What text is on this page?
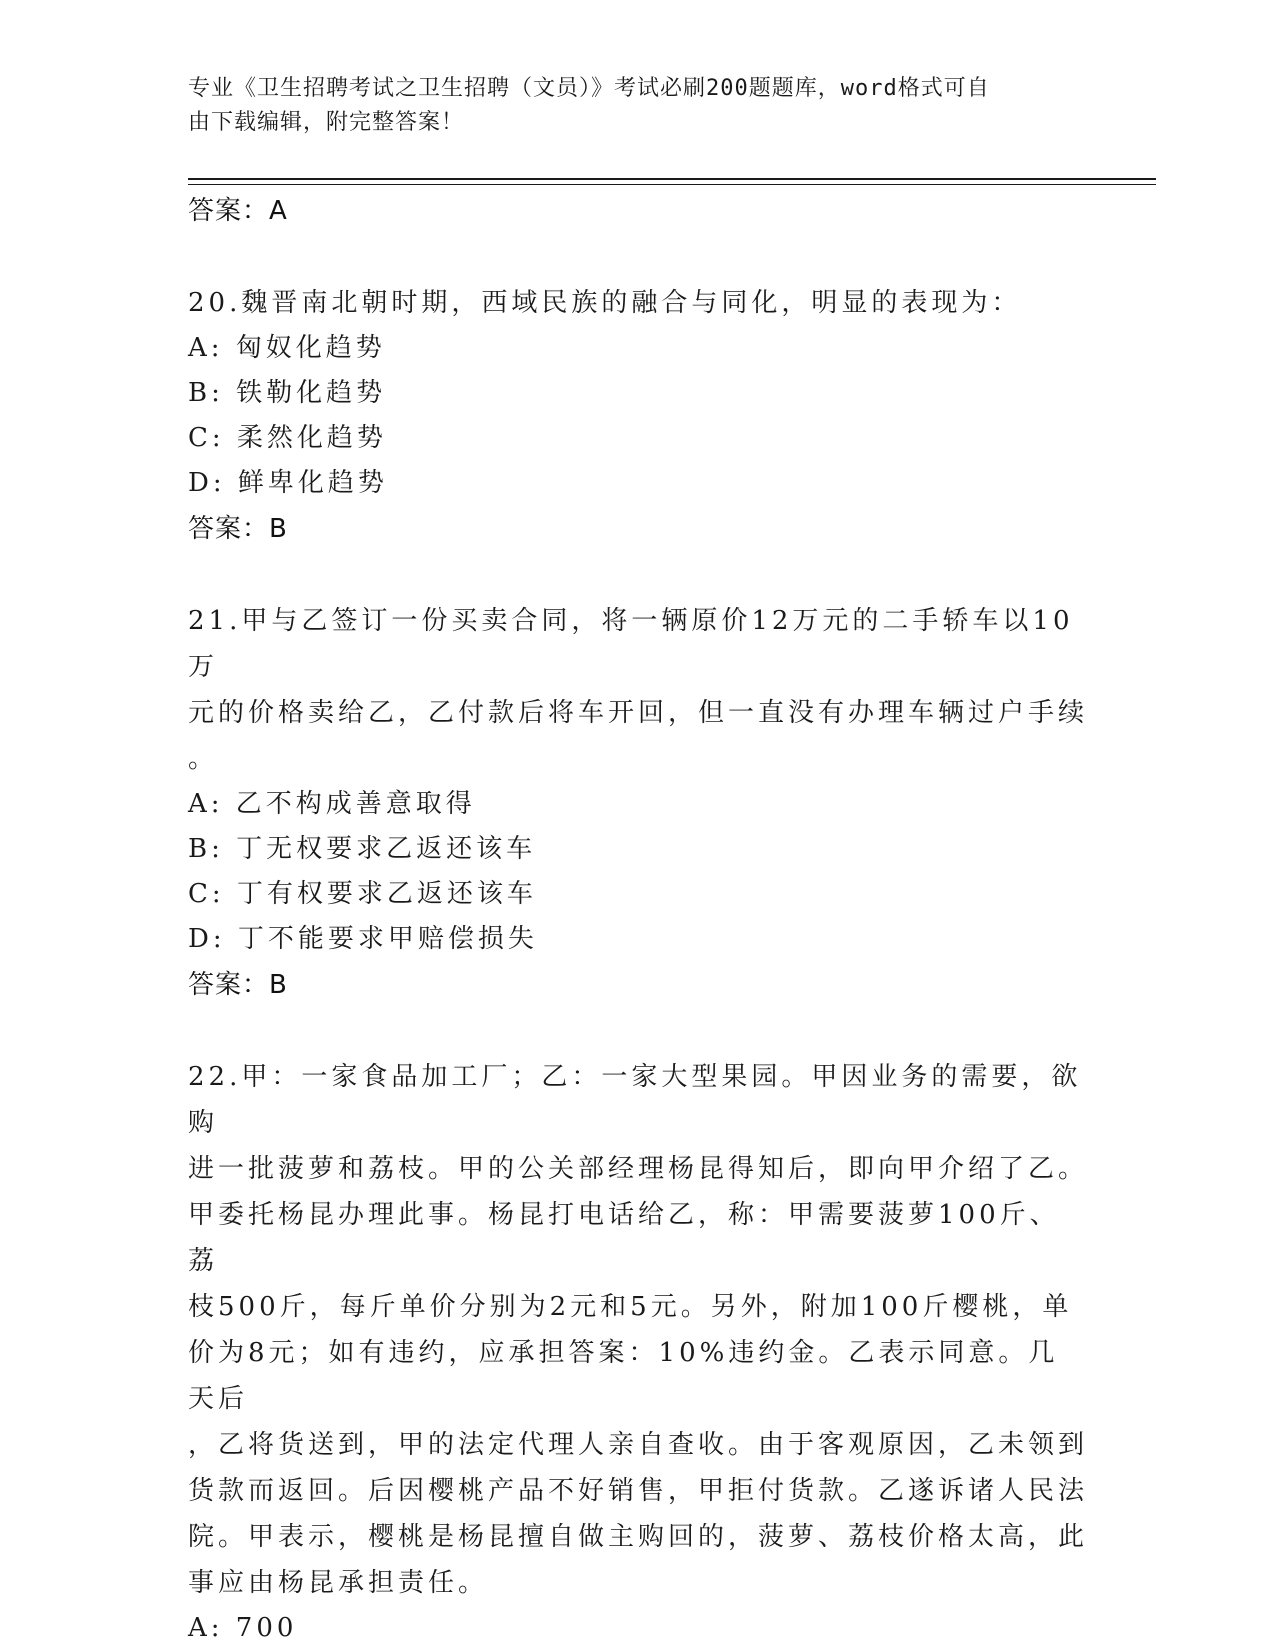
专业《卫生招聘考试之卫生招聘（文员）》考试必刷200题题库，word格式可自
由下载编辑，附完整答案！
答案：A
20.魏晋南北朝时期，西域民族的融合与同化，明显的表现为：
A: 匈奴化趋势
B: 铁勒化趋势
C: 柔然化趋势
D: 鲜卑化趋势
答案：B
21.甲与乙签订一份买卖合同，将一辆原价12万元的二手轿车以10万
元的价格卖给乙，乙付款后将车开回，但一直没有办理车辆过户手续
。
A: 乙不构成善意取得
B: 丁无权要求乙返还该车
C: 丁有权要求乙返还该车
D: 丁不能要求甲赔偿损失
答案：B
22.甲：一家食品加工厂；乙：一家大型果园。甲因业务的需要，欲购
进一批菠萝和荔枝。甲的公关部经理杨昆得知后，即向甲介绍了乙。
甲委托杨昆办理此事。杨昆打电话给乙，称：甲需要菠萝100斤、荔
枝500斤，每斤单价分别为2元和5元。另外，附加100斤樱桃，单
价为8元；如有违约，应承担答案：10%违约金。乙表示同意。几天后
，乙将货送到，甲的法定代理人亲自查收。由于客观原因，乙未领到
货款而返回。后因樱桃产品不好销售，甲拒付货款。乙遂诉诸人民法
院。甲表示，樱桃是杨昆擅自做主购回的，菠萝、荔枝价格太高，此
事应由杨昆承担责任。
A: 700
